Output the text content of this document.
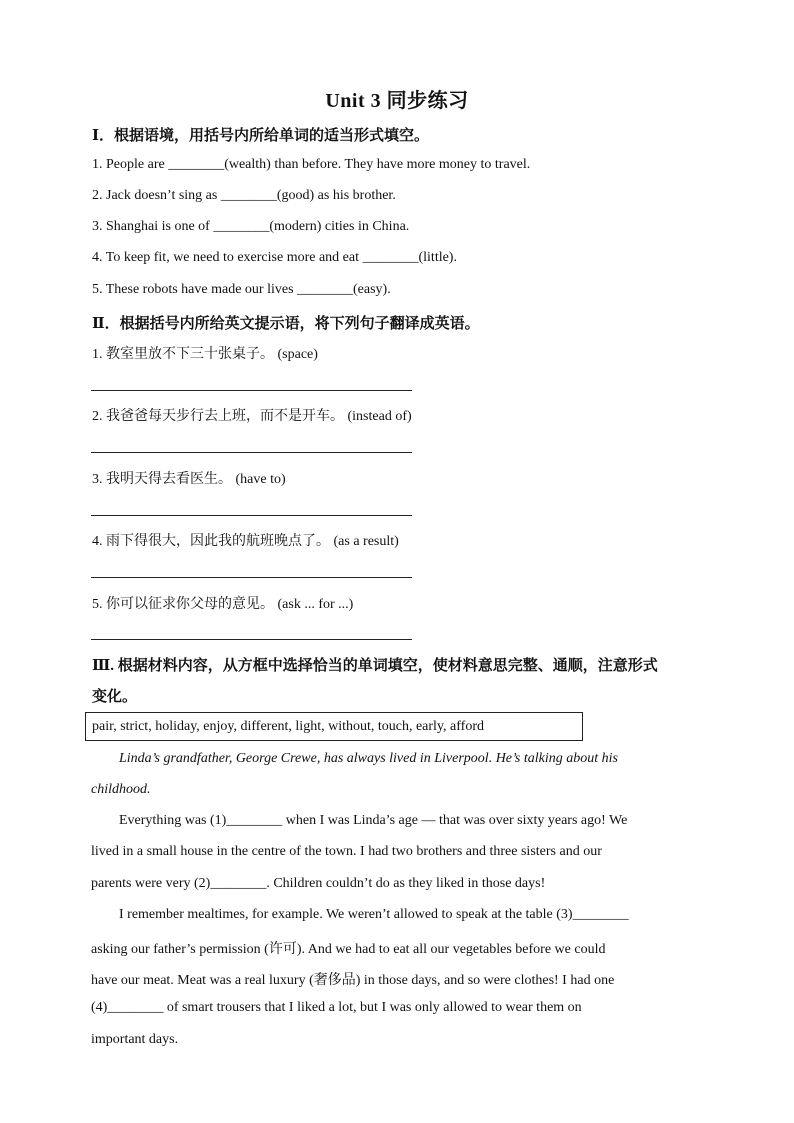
Unit 3 同步练习
Ⅰ．根据语境，用括号内所给单词的适当形式填空。
1. People are ________(wealth) than before. They have more money to travel.
2. Jack doesn’t sing as ________(good) as his brother.
3. Shanghai is one of ________(modern) cities in China.
4. To keep fit, we need to exercise more and eat ________(little).
5. These robots have made our lives ________(easy).
Ⅱ．根据括号内所给英文提示语，将下列句子翻译成英语。
1. 教室里放不下三十张桌子。 (space)
2. 我爸爸每天步行去上班，而不是开车。 (instead of)
3. 我明天得去看医生。 (have to)
4. 雨下得很大，因此我的航班晚点了。 (as a result)
5. 你可以征求你父母的意见。 (ask ... for ...)
Ⅲ. 根据材料内容，从方框中选择恰当的单词填空，使材料意思完整、通顺，注意形式
变化。
pair, strict, holiday, enjoy, different, light, without, touch, early, afford
Linda’s grandfather, George Crewe, has always lived in Liverpool. He’s talking about his
childhood.
Everything was (1)________ when I was Linda’s age — that was over sixty years ago! We
lived in a small house in the centre of the town. I had two brothers and three sisters and our
parents were very (2)________. Children couldn’t do as they liked in those days!
I remember mealtimes, for example. We weren’t allowed to speak at the table (3)________
asking our father’s permission (许可). And we had to eat all our vegetables before we could
have our meat. Meat was a real luxury (奢侈品) in those days, and so were clothes! I had one
(4)________ of smart trousers that I liked a lot, but I was only allowed to wear them on
important days.
